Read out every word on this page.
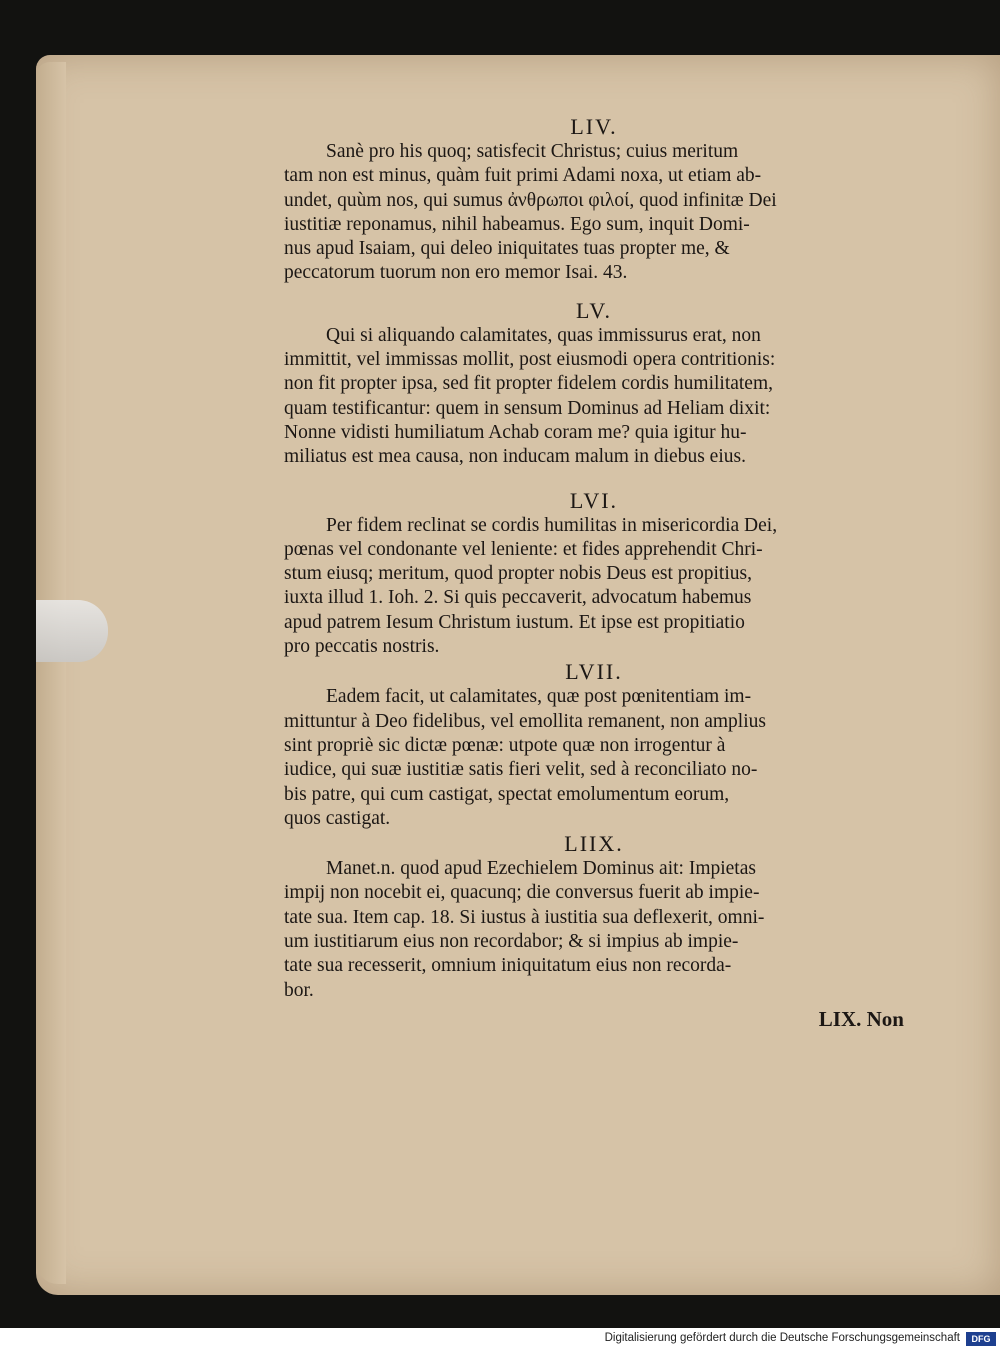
LIV.

Sanè pro his quoq; satisfecit Christus; cuius meritum

tam non est minus, quàm fuit primi Adami noxa, ut etiam ab-

undet, quùm nos, qui sumus ἀνθρωποι φιλοί, quod infinitæ Dei

iustitiæ reponamus, nihil habeamus. Ego sum, inquit Domi-

nus apud Isaiam, qui deleo iniquitates tuas propter me, &

peccatorum tuorum non ero memor Isai. 43.

LV.

Qui si aliquando calamitates, quas immissurus erat, non

immittit, vel immissas mollit, post eiusmodi opera contritionis:

non fit propter ipsa, sed fit propter fidelem cordis humilitatem,

quam testificantur: quem in sensum Dominus ad Heliam dixit:

Nonne vidisti humiliatum Achab coram me? quia igitur hu-

miliatus est mea causa, non inducam malum in diebus eius.

LVI.

Per fidem reclinat se cordis humilitas in misericordia Dei,

pœnas vel condonante vel leniente: et fides apprehendit Chri-

stum eiusq; meritum, quod propter nobis Deus est propitius,

iuxta illud 1. Ioh. 2. Si quis peccaverit, advocatum habemus

apud patrem Iesum Christum iustum. Et ipse est propitiatio

pro peccatis nostris.

LVII.

Eadem facit, ut calamitates, quæ post pœnitentiam im-

mittuntur à Deo fidelibus, vel emollita remanent, non amplius

sint propriè sic dictæ pœnæ: utpote quæ non irrogentur à

iudice, qui suæ iustitiæ satis fieri velit, sed à reconciliato no-

bis patre, qui cum castigat, spectat emolumentum eorum,

quos castigat.

LIIX.

Manet.n. quod apud Ezechielem Dominus ait: Impietas

impij non nocebit ei, quacunq; die conversus fuerit ab impie-

tate sua. Item cap. 18. Si iustus à iustitia sua deflexerit, omni-

um iustitiarum eius non recordabor; & si impius ab impie-

tate sua recesserit, omnium iniquitatum eius non recorda-

bor.

LIX. Non

Digitalisierung gefördert durch die Deutsche Forschungsgemeinschaft	DFG
